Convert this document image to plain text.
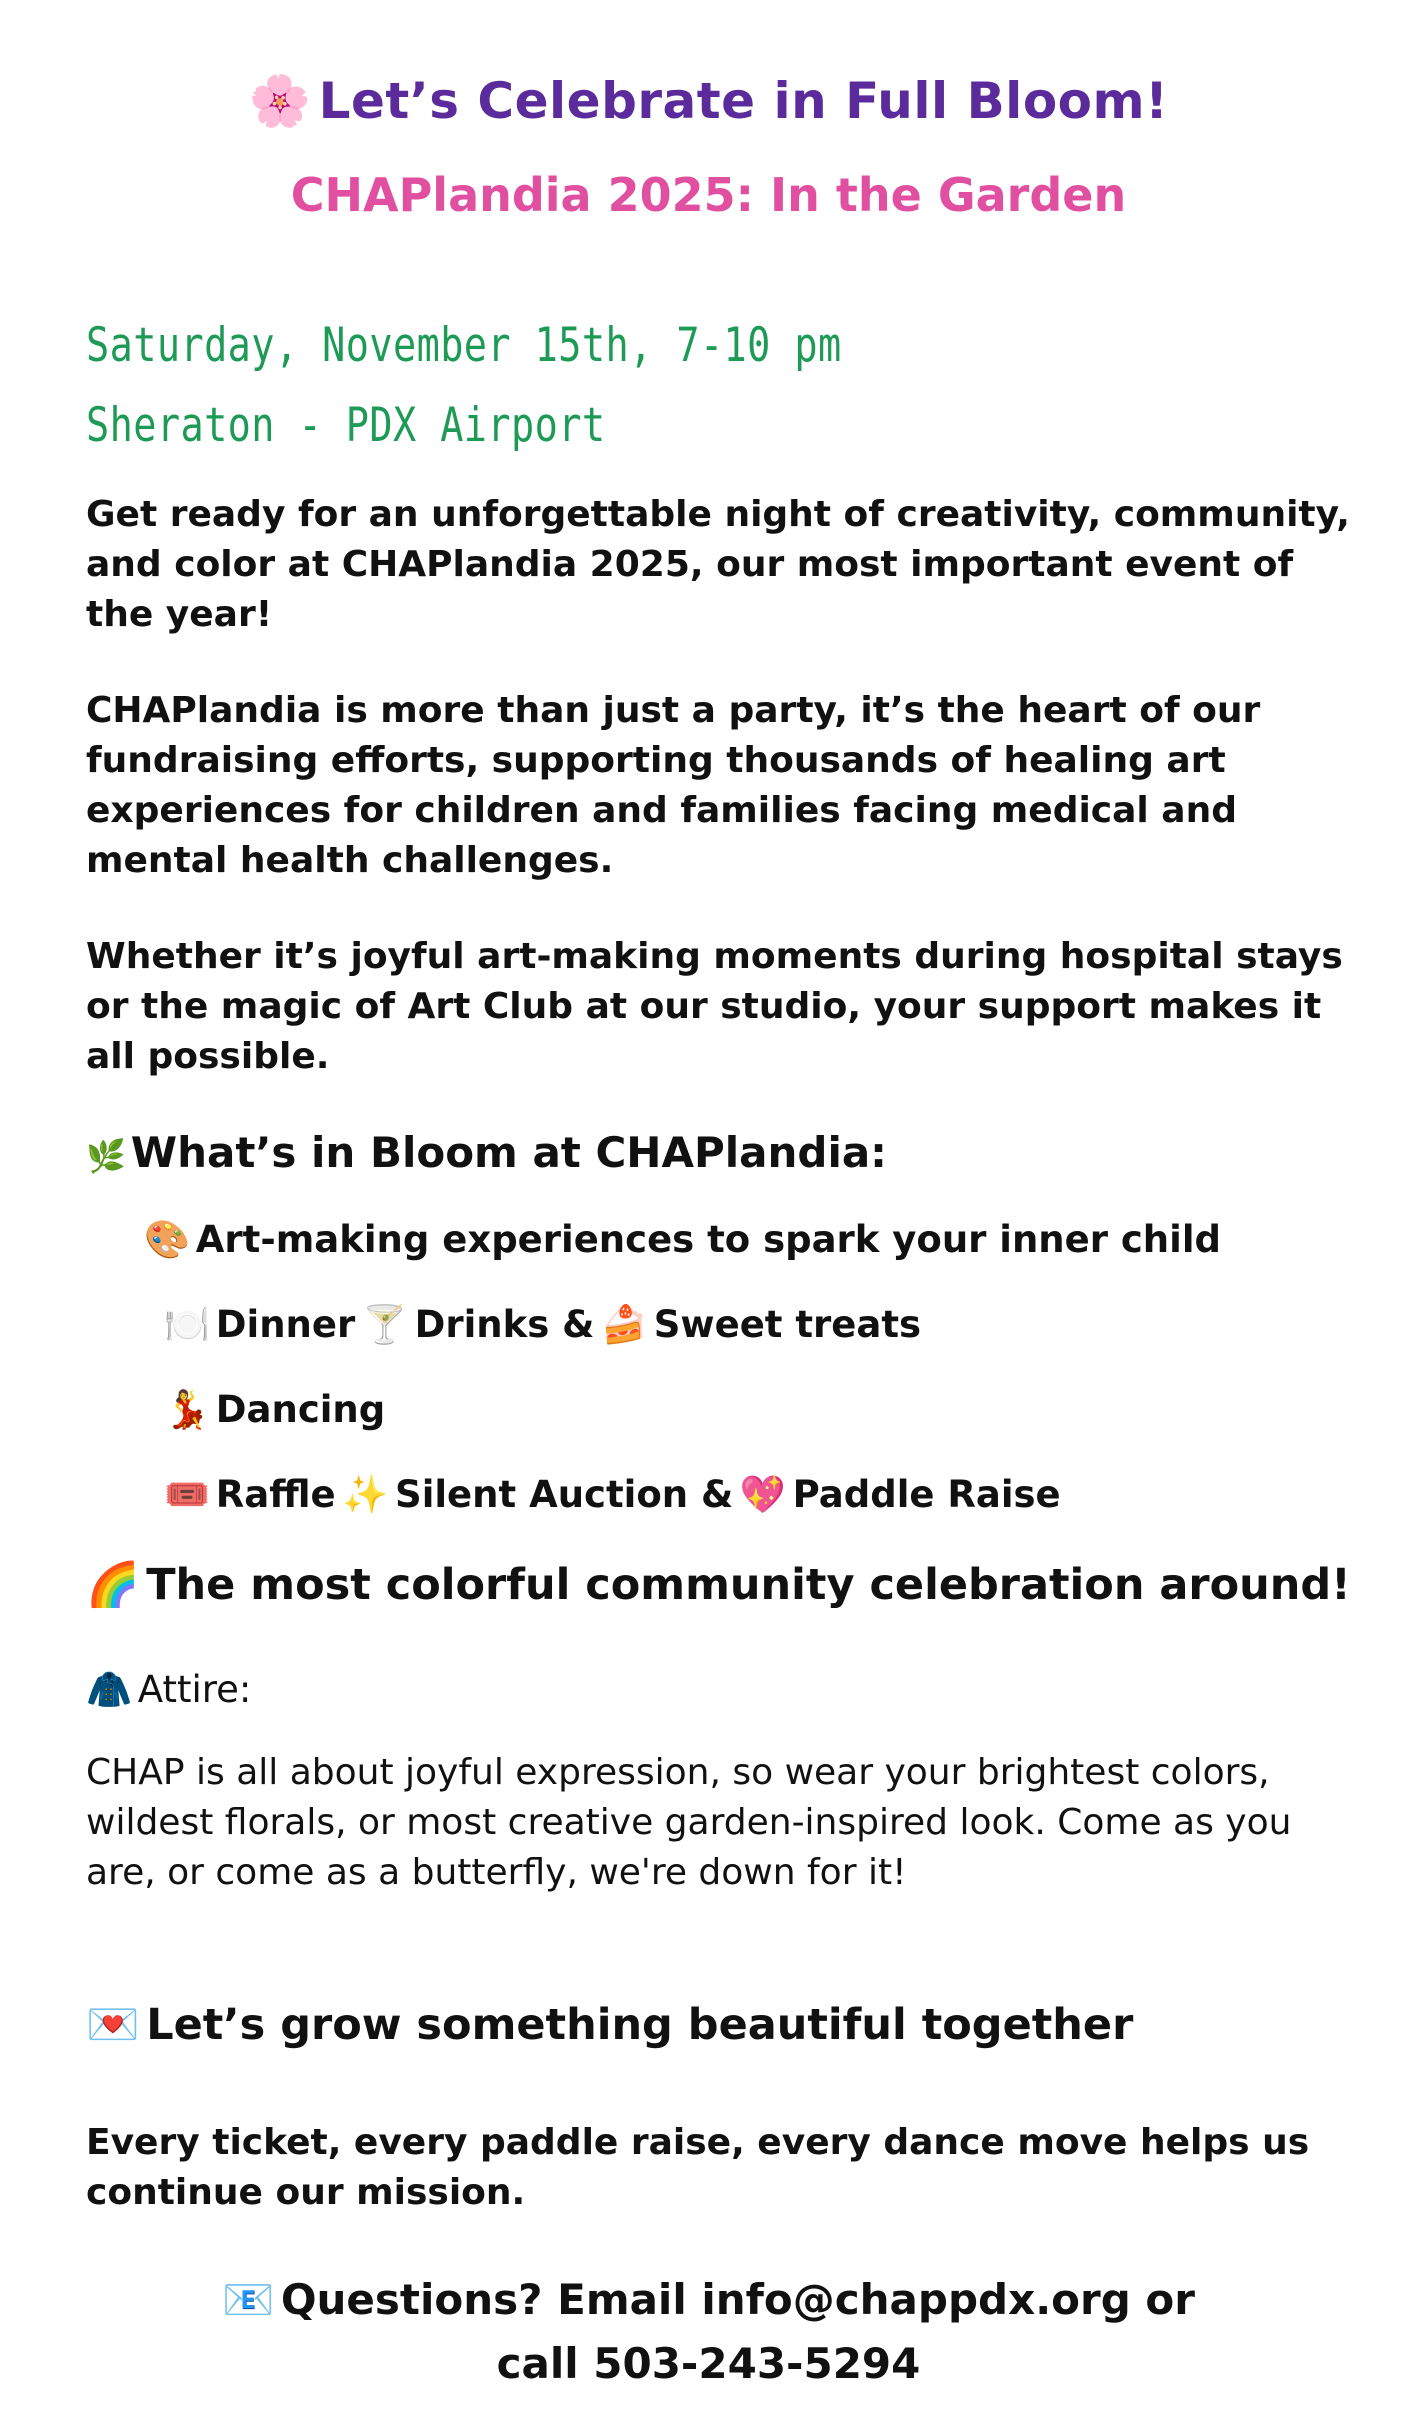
🌸 Let’s Celebrate in Full Bloom!
CHAPlandia 2025: In the Garden
Saturday, November 15th, 7-10 pm
Sheraton - PDX Airport
Get ready for an unforgettable night of creativity, community, and color at CHAPlandia 2025, our most important event of the year!
CHAPlandia is more than just a party, it’s the heart of our fundraising efforts, supporting thousands of healing art experiences for children and families facing medical and mental health challenges.
Whether it’s joyful art-making moments during hospital stays or the magic of Art Club at our studio, your support makes it all possible.
🌿 What’s in Bloom at CHAPlandia:
🎨 Art-making experiences to spark your inner child
🍽️ Dinner 🍸 Drinks & 🍰 Sweet treats
💃 Dancing
🎟️ Raffle ✨ Silent Auction & 💖 Paddle Raise
🌈 The most colorful community celebration around!
🧥 Attire:
CHAP is all about joyful expression, so wear your brightest colors, wildest florals, or most creative garden-inspired look. Come as you are, or come as a butterfly, we're down for it!
💌 Let’s grow something beautiful together
Every ticket, every paddle raise, every dance move helps us continue our mission.
📧 Questions? Email info@chappdx.org or
call 503-243-5294
